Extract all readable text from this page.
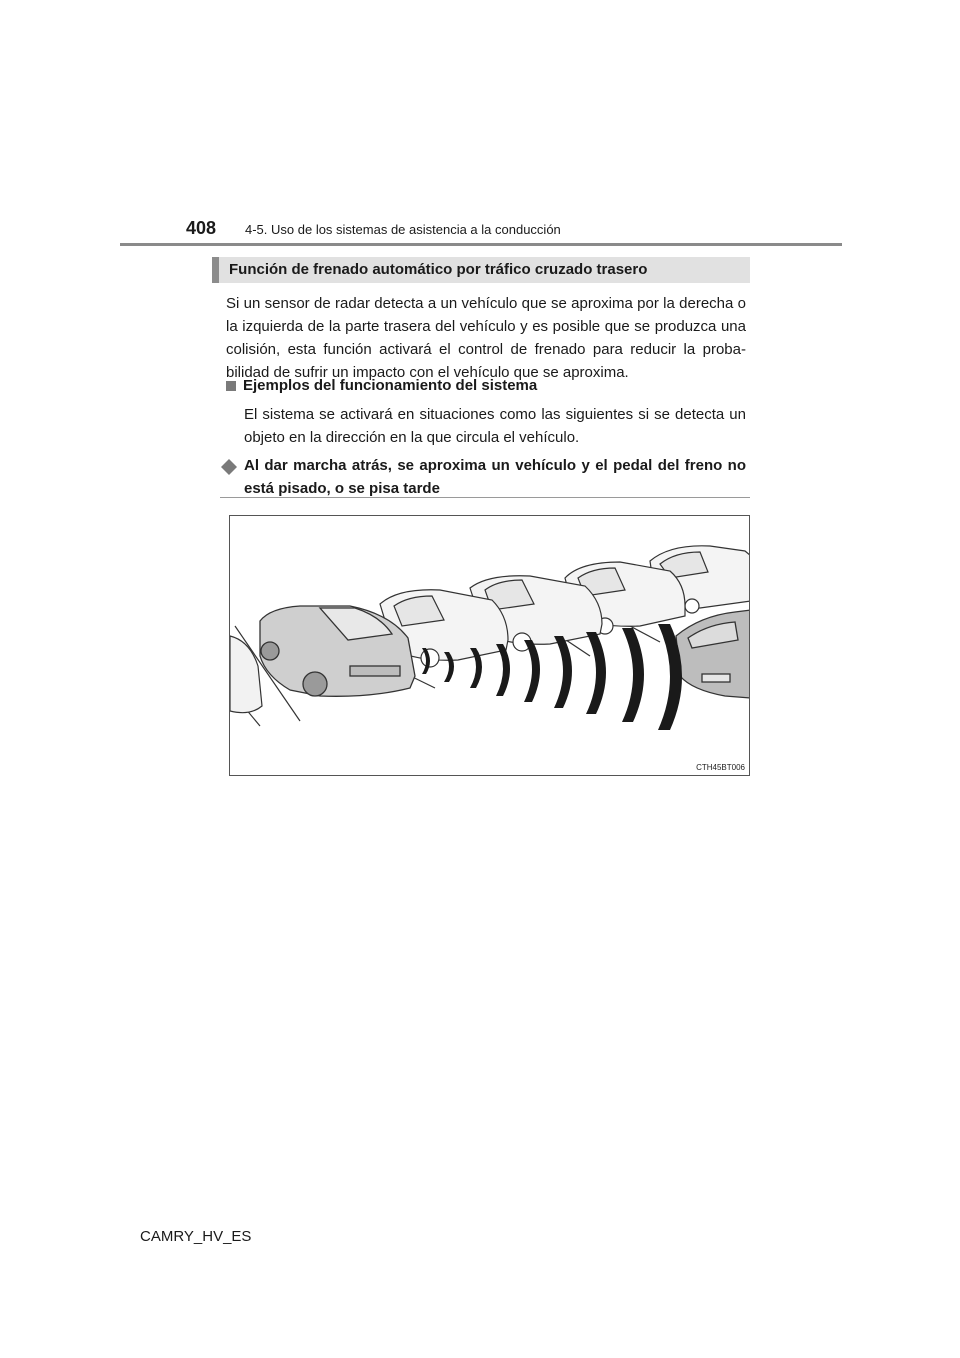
408 4-5. Uso de los sistemas de asistencia a la conducción
Función de frenado automático por tráfico cruzado trasero

Si un sensor de radar detecta a un vehículo que se aproxima por la derecha o la izquierda de la parte trasera del vehículo y es posible que se produzca una colisión, esta función activará el control de frenado para reducir la proba-bilidad de sufrir un impacto con el vehículo que se aproxima.

Ejemplos del funcionamiento del sistema

El sistema se activará en situaciones como las siguientes si se detecta un objeto en la dirección en la que circula el vehículo.

Al dar marcha atrás, se aproxima un vehículo y el pedal del freno no está pisado, o se pisa tarde
CTH45BT006
CAMRY_HV_ES
